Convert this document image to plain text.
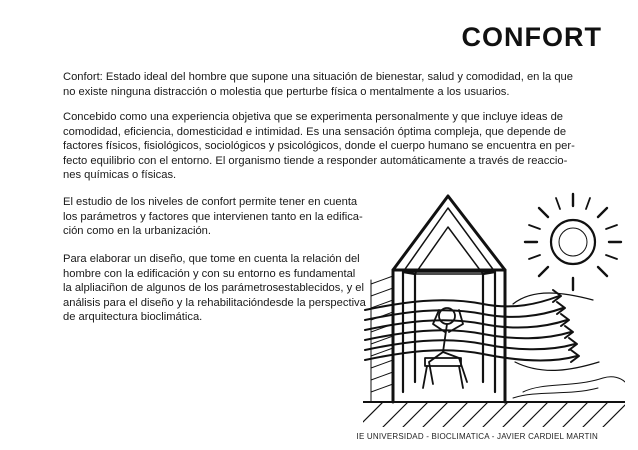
CONFORT
Confort: Estado ideal del hombre que supone una situación de bienestar, salud y comodidad, en la que
no existe ninguna distracción o molestia que perturbe física o mentalmente a los usuarios.
Concebido como una experiencia objetiva que se experimenta personalmente y que incluye ideas de
comodidad, eficiencia, domesticidad e intimidad. Es una sensación óptima compleja, que depende de
factores físicos, fisiológicos, sociológicos y psicológicos, donde el cuerpo humano se encuentra en per-
fecto equilibrio con el entorno. El organismo tiende a responder automáticamente a través de reaccio-
nes químicas o físicas.
El estudio de los niveles de confort permite tener en cuenta
los parámetros y factores que intervienen tanto en la edifica-
ción como en la urbanización.
Para elaborar un diseño, que tome en cuenta la relación del
hombre con la edificación y con su entorno es fundamental
la alpliaciñon de algunos de los parámetrosestablecidos, y el
análisis para el diseño y la rehabilitacióndesde la perspectiva
de arquitectura bioclimática.
IE UNIVERSIDAD - BIOCLIMATICA - JAVIER CARDIEL MARTIN
